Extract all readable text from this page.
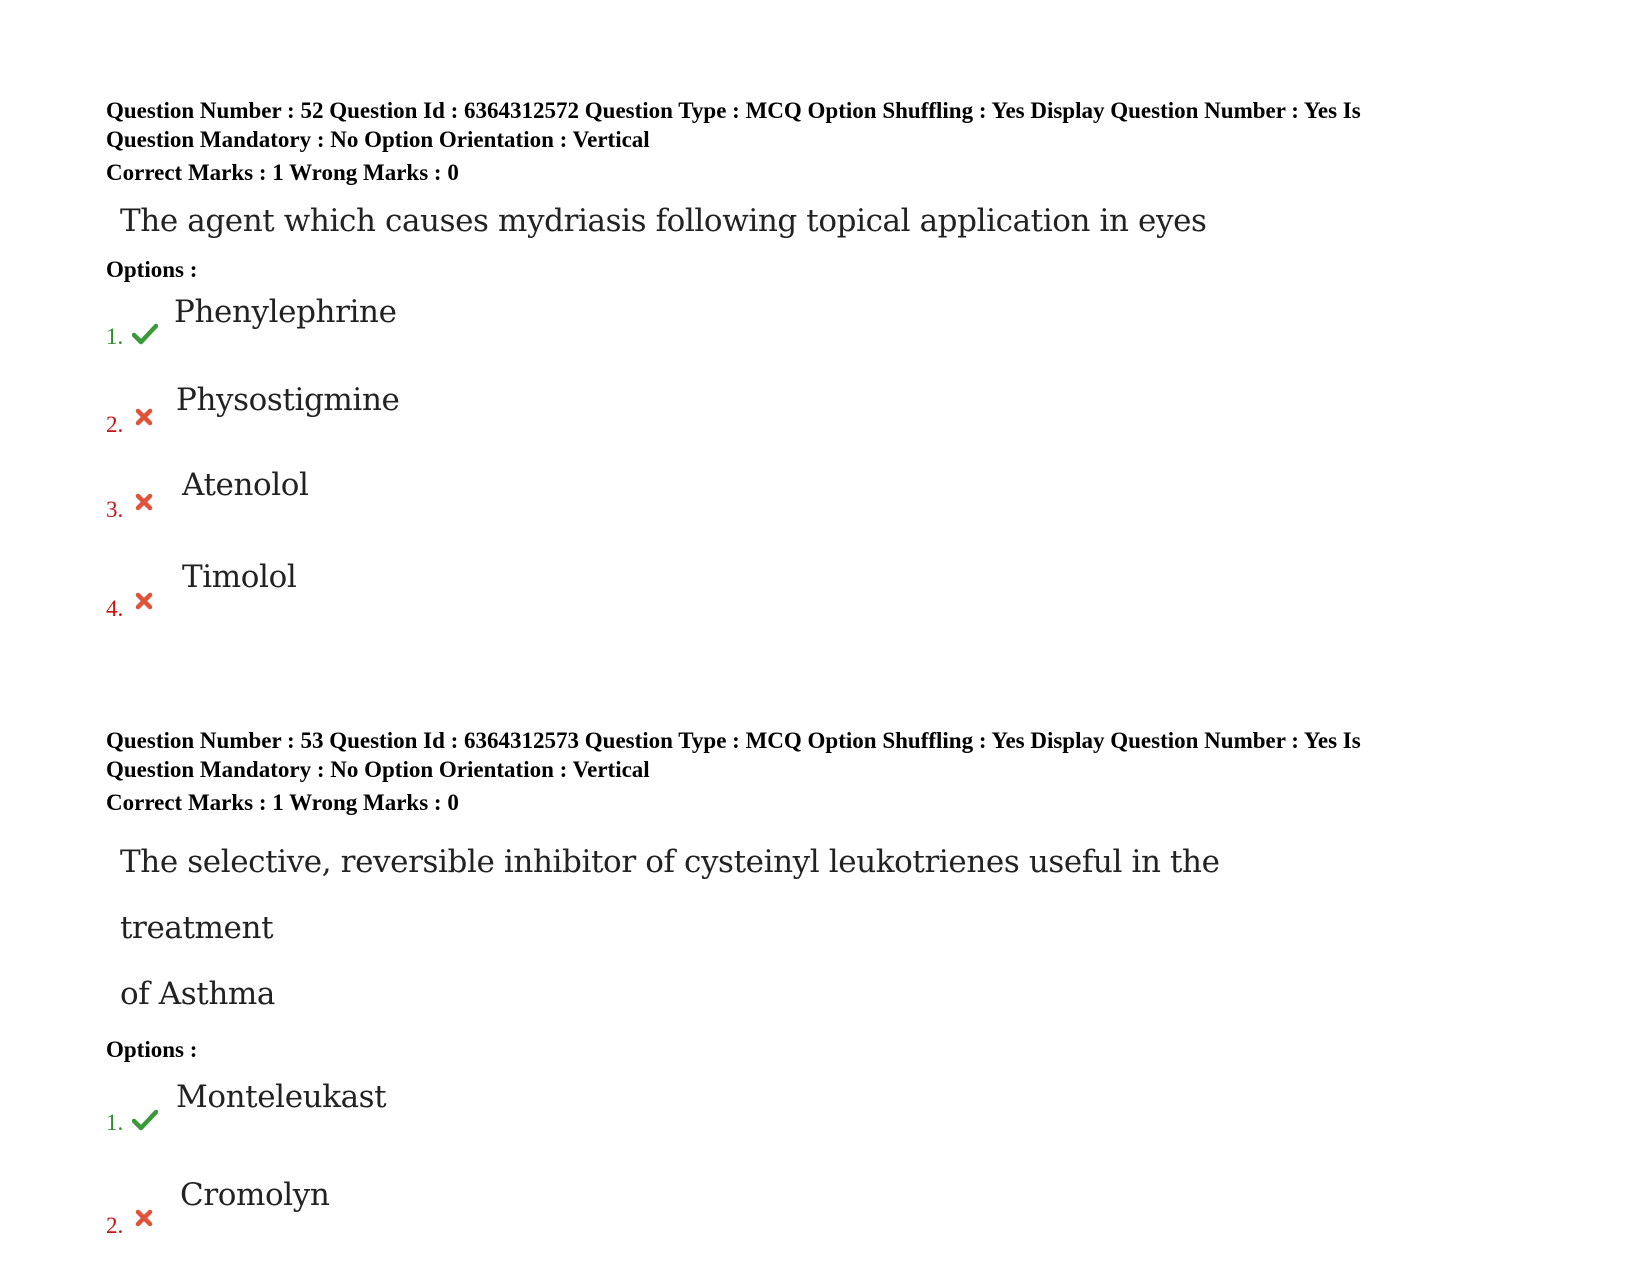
Question Number : 52 Question Id : 6364312572 Question Type : MCQ Option Shuffling : Yes Display Question Number : Yes Is
Question Mandatory : No Option Orientation : Vertical

Correct Marks : 1 Wrong Marks : 0

The agent which causes mydriasis following topical application in eyes

Options :

1.
Phenylephrine
2.
Physostigmine
3.
Atenolol
4.
Timolol

Question Number : 53 Question Id : 6364312573 Question Type : MCQ Option Shuffling : Yes Display Question Number : Yes Is
Question Mandatory : No Option Orientation : Vertical

Correct Marks : 1 Wrong Marks : 0

The selective, reversible inhibitor of cysteinyl leukotrienes useful in the treatment
of Asthma

Options :

1.
Monteleukast
2.
Cromolyn
